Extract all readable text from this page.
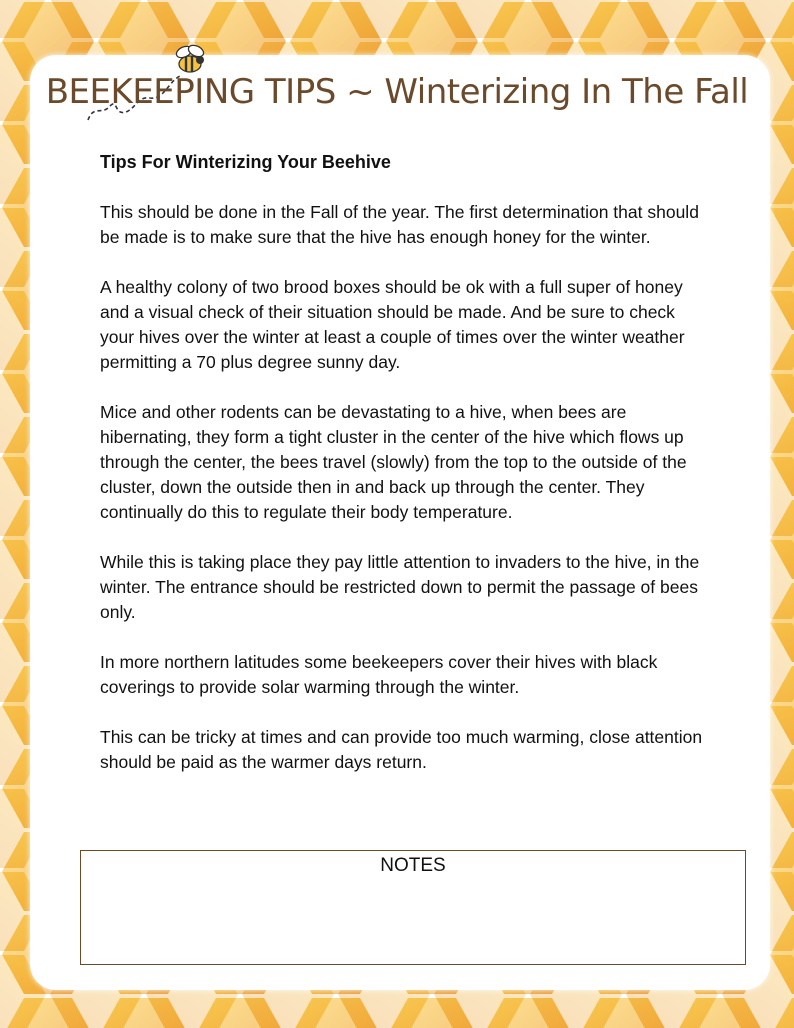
BEEKEEPING TIPS ~ Winterizing In The Fall

Tips For Winterizing Your Beehive

This should be done in the Fall of the year. The first determination that should be made is to make sure that the hive has enough honey for the winter.

A healthy colony of two brood boxes should be ok with a full super of honey and a visual check of their situation should be made. And be sure to check your hives over the winter at least a couple of times over the winter weather permitting a 70 plus degree sunny day.

Mice and other rodents can be devastating to a hive, when bees are hibernating, they form a tight cluster in the center of the hive which flows up through the center, the bees travel (slowly) from the top to the outside of the cluster, down the outside then in and back up through the center. They continually do this to regulate their body temperature.

While this is taking place they pay little attention to invaders to the hive, in the winter. The entrance should be restricted down to permit the passage of bees only.

In more northern latitudes some beekeepers cover their hives with black coverings to provide solar warming through the winter.

This can be tricky at times and can provide too much warming, close attention should be paid as the warmer days return.

NOTES
